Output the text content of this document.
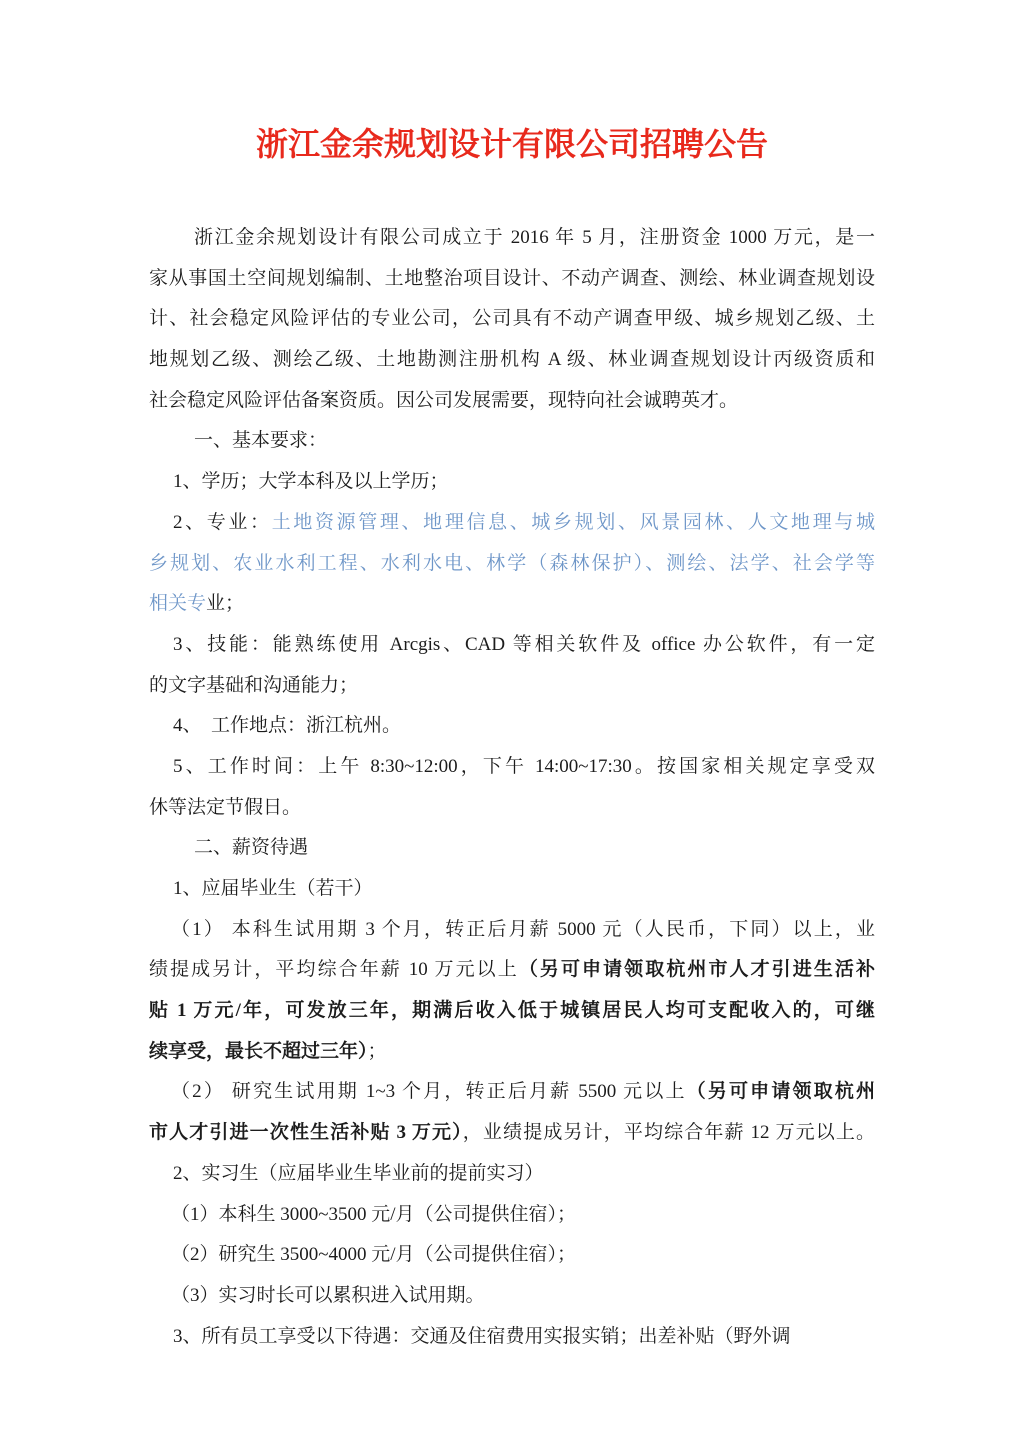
浙江金余规划设计有限公司招聘公告
浙江金余规划设计有限公司成立于 2016 年 5 月，注册资金 1000 万元，是一
家从事国土空间规划编制、土地整治项目设计、不动产调查、测绘、林业调查规划设
计、社会稳定风险评估的专业公司，公司具有不动产调查甲级、城乡规划乙级、土
地规划乙级、测绘乙级、土地勘测注册机构 A 级、林业调查规划设计丙级资质和
社会稳定风险评估备案资质。因公司发展需要，现特向社会诚聘英才。
一、基本要求：
1、学历；大学本科及以上学历；
2、专业：土地资源管理、地理信息、城乡规划、风景园林、人文地理与城
乡规划、农业水利工程、水利水电、林学（森林保护）、测绘、法学、社会学等
相关专业；
3、技能：能熟练使用 Arcgis、CAD 等相关软件及 office 办公软件，有一定
的文字基础和沟通能力；
4、  工作地点：浙江杭州。
5、工作时间：上午 8:30~12:00，下午 14:00~17:30。按国家相关规定享受双
休等法定节假日。
二、薪资待遇
1、应届毕业生（若干）
（1） 本科生试用期 3 个月，转正后月薪 5000 元（人民币，下同）以上，业
绩提成另计，平均综合年薪 10 万元以上（另可申请领取杭州市人才引进生活补
贴 1 万元/年，可发放三年，期满后收入低于城镇居民人均可支配收入的，可继
续享受，最长不超过三年）；
（2） 研究生试用期 1~3 个月，转正后月薪 5500 元以上（另可申请领取杭州
市人才引进一次性生活补贴 3 万元），业绩提成另计，平均综合年薪 12 万元以上。
2、实习生（应届毕业生毕业前的提前实习）
（1）本科生 3000~3500 元/月（公司提供住宿）；
（2）研究生 3500~4000 元/月（公司提供住宿）；
（3）实习时长可以累积进入试用期。
3、所有员工享受以下待遇：交通及住宿费用实报实销；出差补贴（野外调
